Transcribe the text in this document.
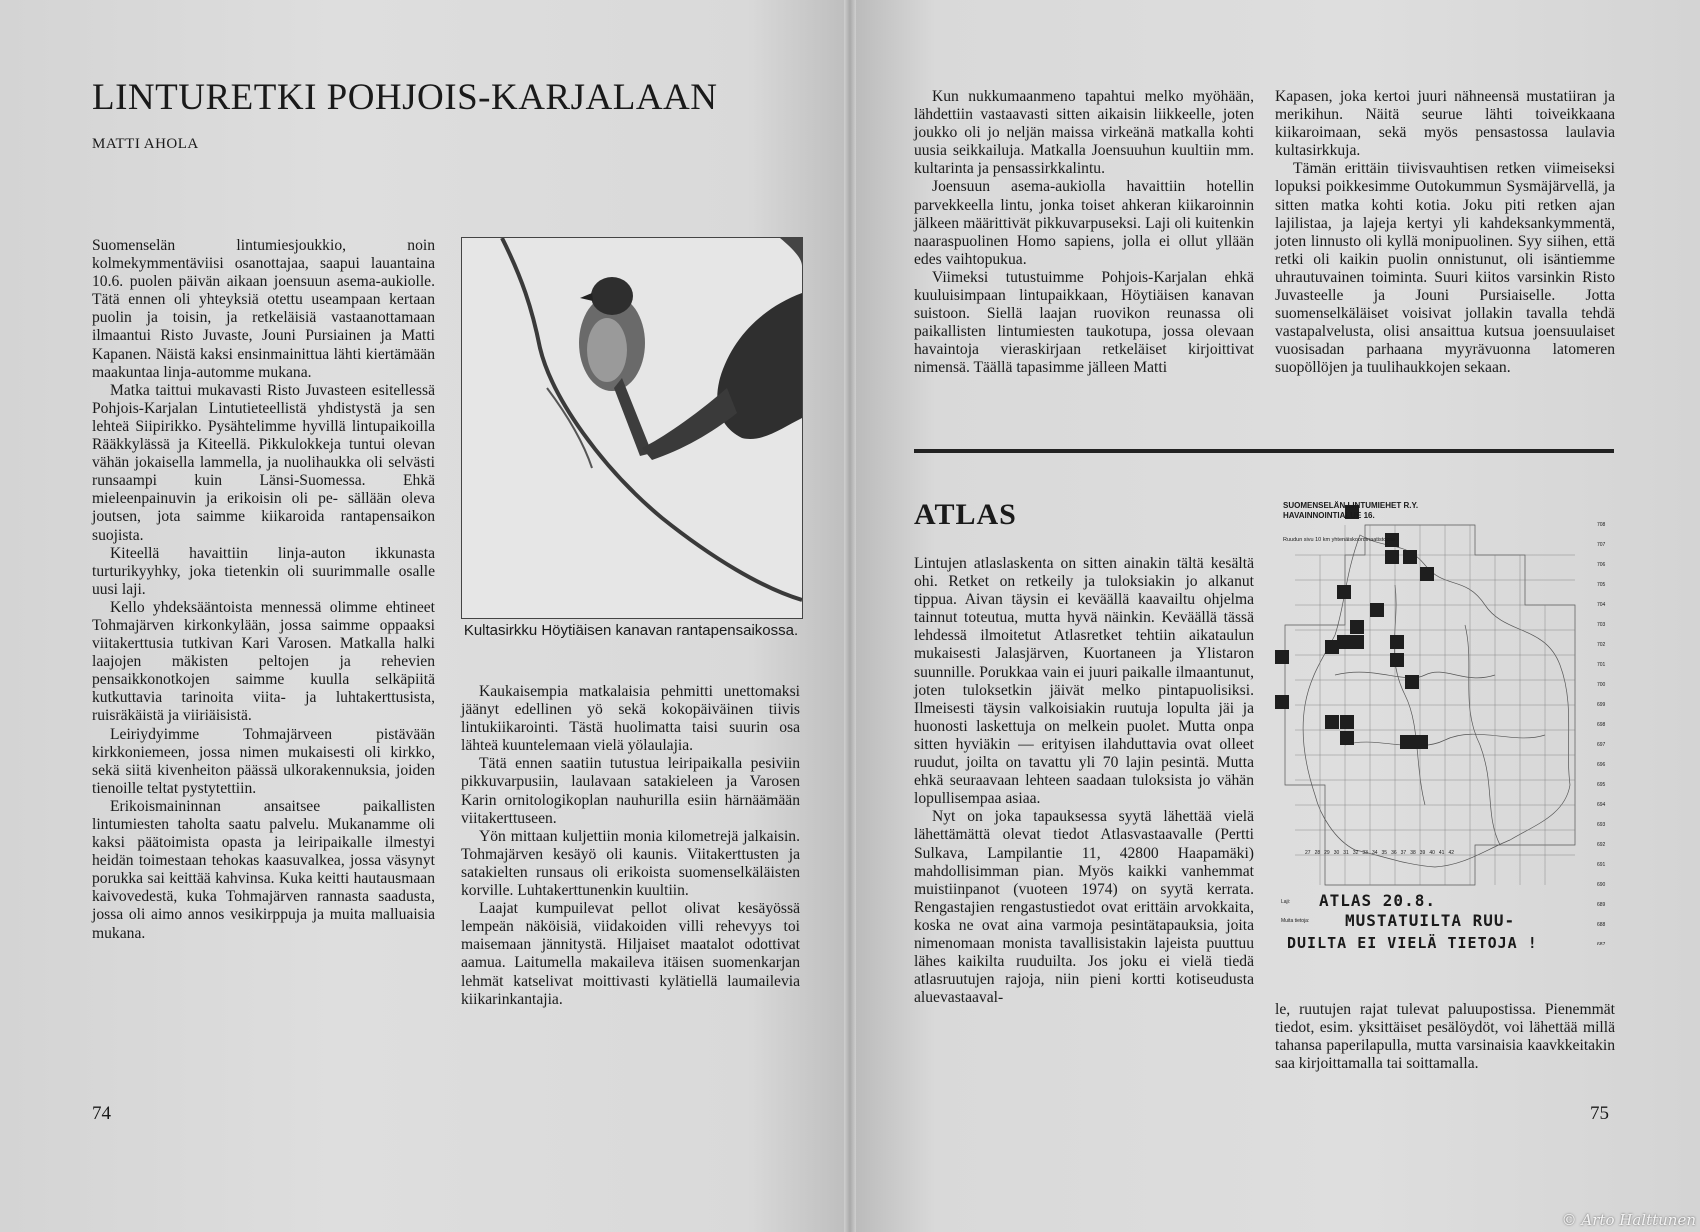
LINTURETKI POHJOIS-KARJALAAN
MATTI AHOLA

Suomenselän lintumiesjoukkio, noin kolmekymmentäviisi osanottajaa, saapui lauantaina 10.6. puolen päivän aikaan joensuun asema-aukiolle. Tätä ennen oli yhteyksiä otettu useampaan kertaan puolin ja toisin, ja retkeläisiä vastaanottamaan ilmaantui Risto Juvaste, Jouni Pursiainen ja Matti Kapanen. Näistä kaksi ensinmainittua lähti kiertämään maakuntaa linja-automme mukana.

Matka taittui mukavasti Risto Juvasteen esitellessä Pohjois-Karjalan Lintutieteellistä yhdistystä ja sen lehteä Siipirikko. Pysähtelimme hyvillä lintupaikoilla Rääkkylässä ja Kiteellä. Pikkulokkeja tuntui olevan vähän jokaisella lammella, ja nuolihaukka oli selvästi runsaampi kuin Länsi-Suomessa. Ehkä mieleenpainuvin ja erikoisin oli pe- sällään oleva joutsen, jota saimme kiikaroida rantapensaikon suojista.

Kiteellä havaittiin linja-auton ikkunasta turturikyyhky, joka tietenkin oli suurimmalle osalle uusi laji.

Kello yhdeksääntoista mennessä olimme ehtineet Tohmajärven kirkonkylään, jossa saimme oppaaksi viitakerttusia tutkivan Kari Varosen. Matkalla halki laajojen mäkisten peltojen ja rehevien pensaikkonotkojen saimme kuulla selkäpiitä kutkuttavia tarinoita viita- ja luhtakerttusista, ruisräkäistä ja viiriäisistä.

Leiriydyimme Tohmajärveen pistävään kirkkoniemeen, jossa nimen mukaisesti oli kirkko, sekä siitä kivenheiton päässä ulkorakennuksia, joiden tienoille teltat pystytettiin.

Erikoismaininnan ansaitsee paikallisten lintumiesten taholta saatu palvelu. Mukanamme oli kaksi päätoimista opasta ja leiripaikalle ilmestyi heidän toimestaan tehokas kaasuvalkea, jossa väsynyt porukka sai keittää kahvinsa. Kuka keitti hautausmaan kaivovedestä, kuka Tohmajärven rannasta saadusta, jossa oli aimo annos vesikirppuja ja muita malluaisia mukana.

Kultasirkku Höytiäisen kanavan rantapensaikossa.

Kaukaisempia matkalaisia pehmitti unettomaksi jäänyt edellinen yö sekä kokopäiväinen tiivis lintukiikarointi. Tästä huolimatta taisi suurin osa lähteä kuuntelemaan vielä yölaulajia.

Tätä ennen saatiin tutustua leiripaikalla pesiviin pikkuvarpusiin, laulavaan satakieleen ja Varosen Karin ornitologikoplan nauhurilla esiin härnäämään viitakerttuseen.

Yön mittaan kuljettiin monia kilometrejä jalkaisin. Tohmajärven kesäyö oli kaunis. Viitakerttusten ja satakielten runsaus oli erikoista suomenselkäläisten korville. Luhtakerttunenkin kuultiin.

Laajat kumpuilevat pellot olivat kesäyössä lempeän näköisiä, viidakoiden villi rehevyys toi maisemaan jännitystä. Hiljaiset maatalot odottivat aamua. Laitumella makaileva itäisen suomenkarjan lehmät katselivat moittivasti kylätiellä laumailevia kiikarinkantajia.

74

Kun nukkumaanmeno tapahtui melko myöhään, lähdettiin vastaavasti sitten aikaisin liikkeelle, joten joukko oli jo neljän maissa virkeänä matkalla kohti uusia seikkailuja. Matkalla Joensuuhun kuultiin mm. kultarinta ja pensassirkkalintu.

Joensuun asema-aukiolla havaittiin hotellin parvekkeella lintu, jonka toiset ahkeran kiikaroinnin jälkeen määrittivät pikkuvarpuseksi. Laji oli kuitenkin naaraspuolinen Homo sapiens, jolla ei ollut yllään edes vaihtopukua.

Viimeksi tutustuimme Pohjois-Karjalan ehkä kuuluisimpaan lintupaikkaan, Höytiäisen kanavan suistoon. Siellä laajan ruovikon reunassa oli paikallisten lintumiesten taukotupa, jossa olevaan havaintoja vieraskirjaan retkeläiset kirjoittivat nimensä. Täällä tapasimme jälleen Matti

Kapasen, joka kertoi juuri nähneensä mustatiiran ja merikihun. Näitä seurue lähti toiveikkaana kiikaroimaan, sekä myös pensastossa laulavia kultasirkkuja.

Tämän erittäin tiivisvauhtisen retken viimeiseksi lopuksi poikkesimme Outokummun Sysmäjärvellä, ja sitten matka kohti kotia. Joku piti retken ajan lajilistaa, ja lajeja kertyi yli kahdeksankymmentä, joten linnusto oli kyllä monipuolinen. Syy siihen, että retki oli kaikin puolin onnistunut, oli isäntiemme uhrautuvainen toiminta. Suuri kiitos varsinkin Risto Juvasteelle ja Jouni Pursiaiselle. Jotta suomenselkäläiset voisivat jollakin tavalla tehdä vastapalvelusta, olisi ansaittua kutsua joensuulaiset vuosisadan parhaana myyrävuonna latomeren suopöllöjen ja tuulihaukkojen sekaan.

ATLAS

Lintujen atlaslaskenta on sitten ainakin tältä kesältä ohi. Retket on retkeily ja tuloksiakin jo alkanut tippua. Aivan täysin ei keväällä kaavailtu ohjelma tainnut toteutua, mutta hyvä näinkin. Keväällä tässä lehdessä ilmoitetut Atlasretket tehtiin aikataulun mukaisesti Jalasjärven, Kuortaneen ja Ylistaron suunnille. Porukkaa vain ei juuri paikalle ilmaantunut, joten tuloksetkin jäivät melko pintapuolisiksi. Ilmeisesti täysin valkoisiakin ruutuja lopulta jäi ja huonosti laskettuja on melkein puolet. Mutta onpa sitten hyviäkin — erityisen ilahduttavia ovat olleet ruudut, joilta on tavattu yli 70 lajin pesintä. Mutta ehkä seuraavaan lehteen saadaan tuloksista jo vähän lopullisempaa asiaa.

Nyt on joka tapauksessa syytä lähettää vielä lähettämättä olevat tiedot Atlasvastaavalle (Pertti Sulkava, Lampilantie 11, 42800 Haapamäki) mahdollisimman pian. Myös kaikki vanhemmat muistiinpanot (vuoteen 1974) on syytä kerrata. Rengastajien rengastustiedot ovat erittäin arvokkaita, koska ne ovat aina varmoja pesintätapauksia, joita nimenomaan monista tavallisistakin lajeista puuttuu lähes kaikilta ruuduilta. Jos joku ei vielä tiedä atlasruutujen rajoja, niin pieni kortti kotiseudusta aluevastaaval-

SUOMENSELÄN LINTUMIEHET R.Y.
HAVAINNOINTIALUE 16.
Ruudun sivu 10 km yhtenäiskoordinaatistossa
708
707
706
705
704
703
702
701
700
699
698
697
696
695
694
693
692
691
690
689
688
687
27 28 29 30 31 32 33 34 35 36 37 38 39 40 41 42
Laji:
Muita tietoja:
ATLAS 20.8.
MUSTATUILTA RUU-
DUILTA EI VIELÄ TIETOJA !

le, ruutujen rajat tulevat paluupostissa. Pienemmät tiedot, esim. yksittäiset pesälöydöt, voi lähettää millä tahansa paperilapulla, mutta varsinaisia kaavkkeitakin saa kirjoittamalla tai soittamalla.

75
© Arto Halttunen
